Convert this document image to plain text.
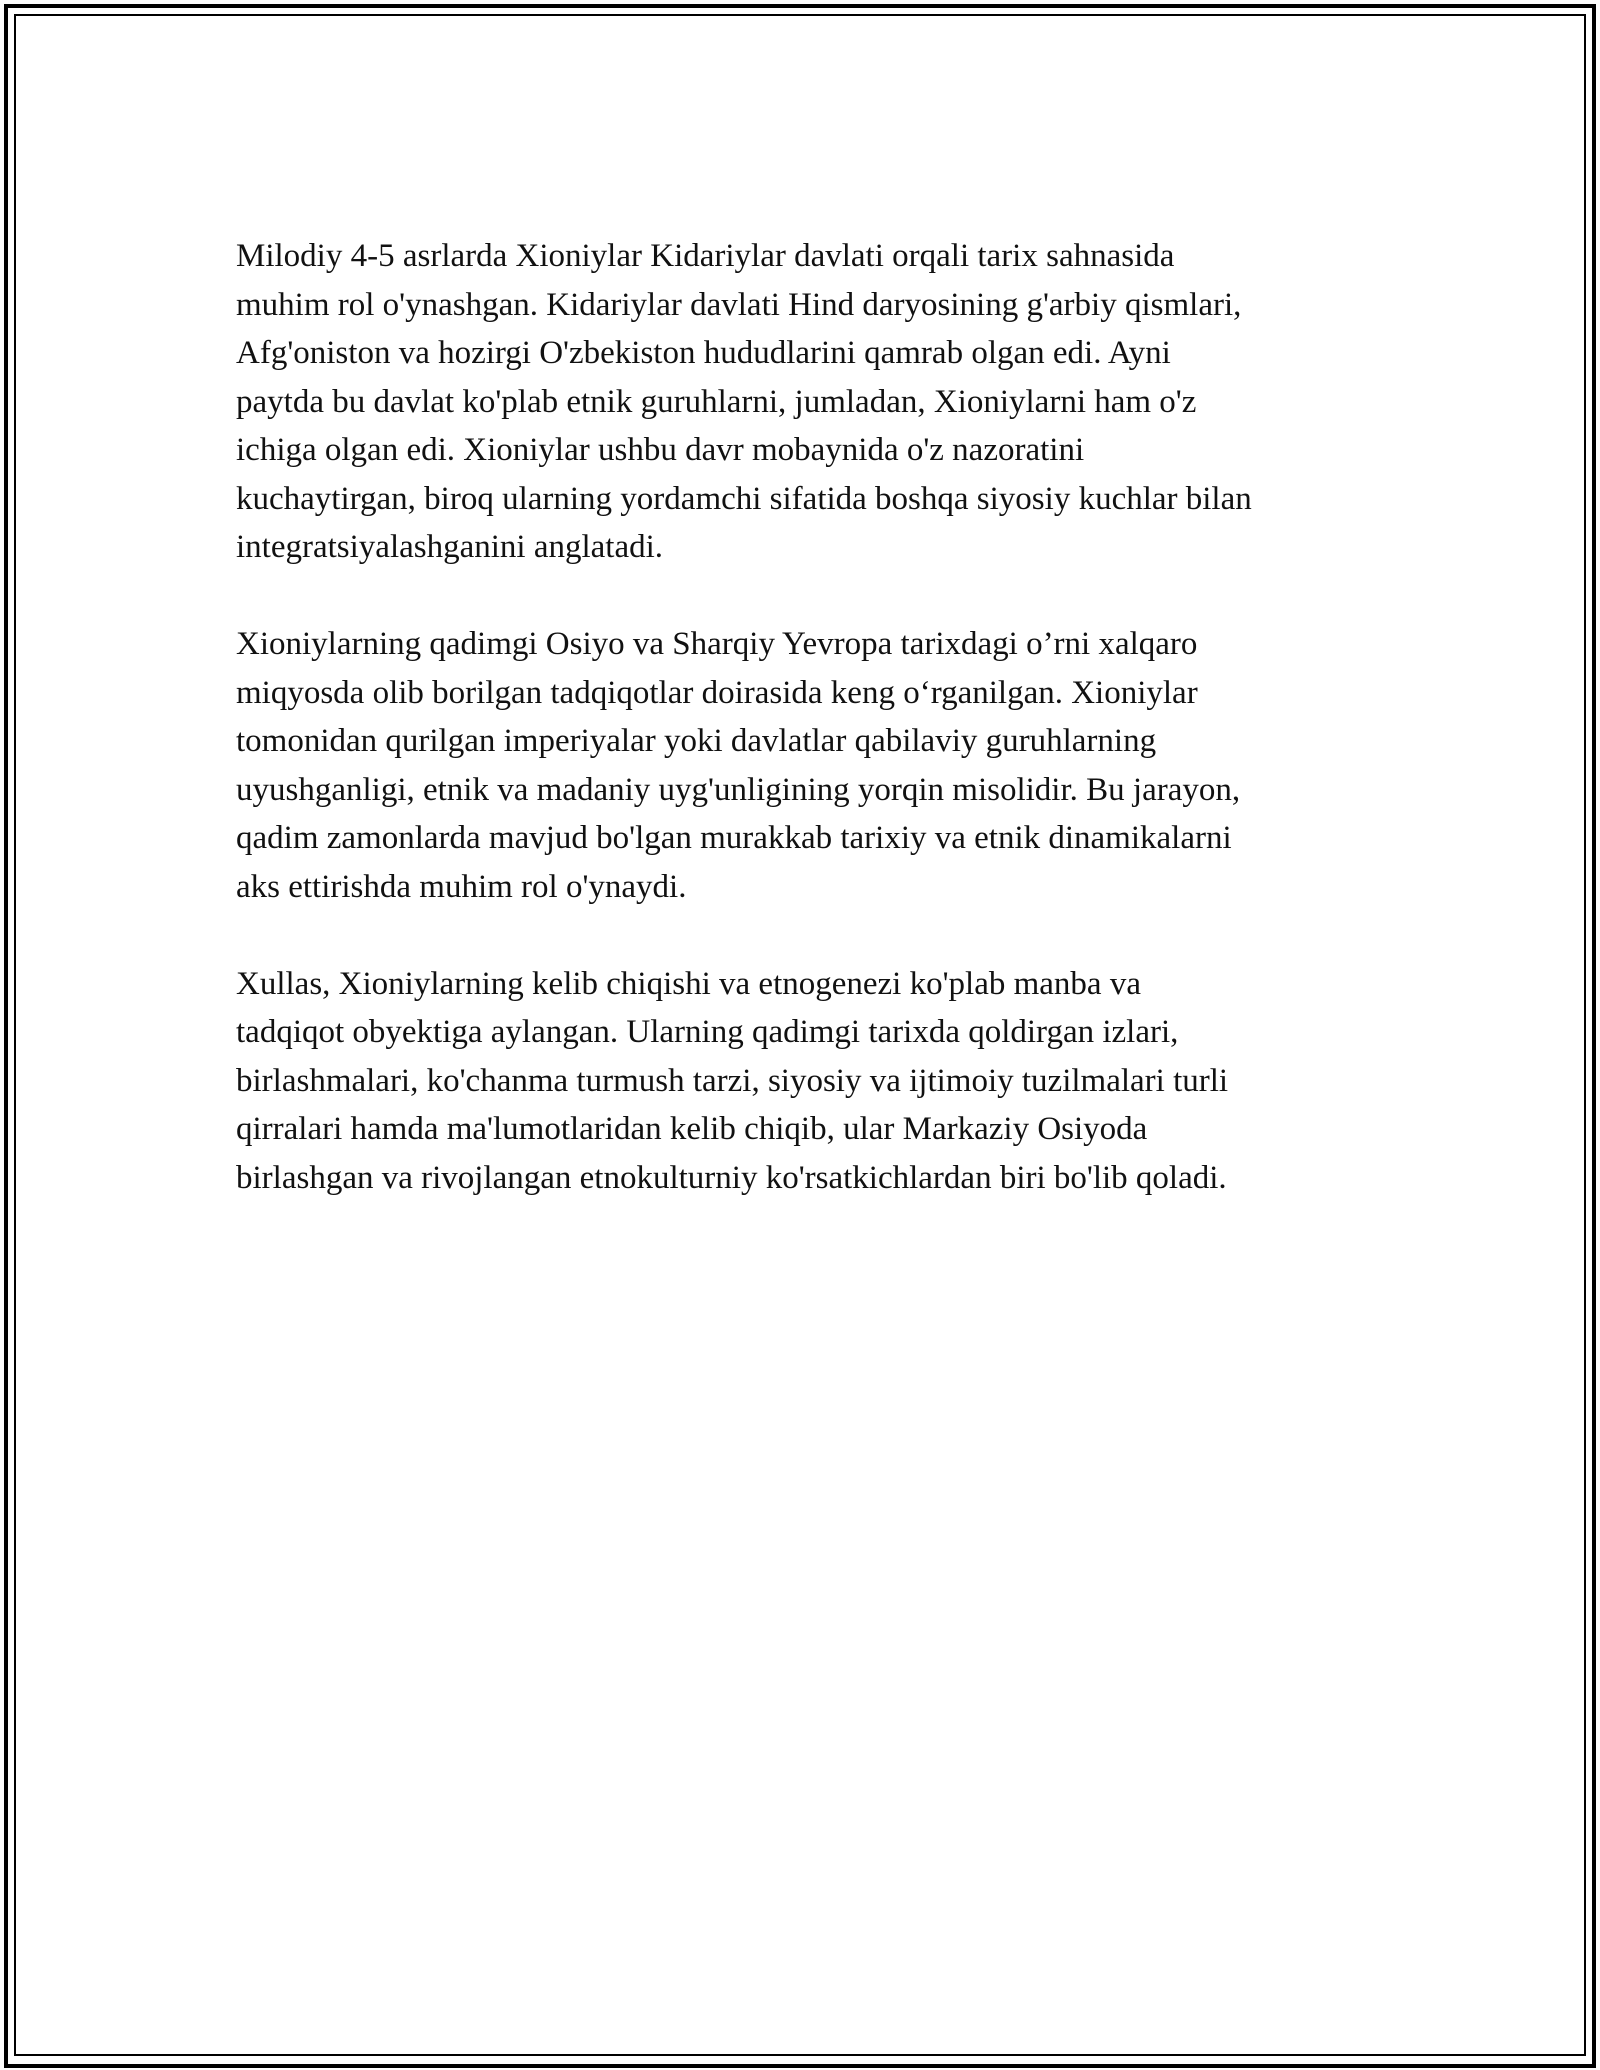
Milodiy 4-5 asrlarda Xioniylar Kidariylar davlati orqali tarix sahnasida
muhim rol o'ynashgan. Kidariylar davlati Hind daryosining g'arbiy qismlari,
Afg'oniston va hozirgi O'zbekiston hududlarini qamrab olgan edi. Ayni
paytda bu davlat ko'plab etnik guruhlarni, jumladan, Xioniylarni ham o'z
ichiga olgan edi. Xioniylar ushbu davr mobaynida o'z nazoratini
kuchaytirgan, biroq ularning yordamchi sifatida boshqa siyosiy kuchlar bilan
integratsiyalashganini anglatadi.

Xioniylarning qadimgi Osiyo va Sharqiy Yevropa tarixdagi o’rni xalqaro
miqyosda olib borilgan tadqiqotlar doirasida keng o‘rganilgan. Xioniylar
tomonidan qurilgan imperiyalar yoki davlatlar qabilaviy guruhlarning
uyushganligi, etnik va madaniy uyg'unligining yorqin misolidir. Bu jarayon,
qadim zamonlarda mavjud bo'lgan murakkab tarixiy va etnik dinamikalarni
aks ettirishda muhim rol o'ynaydi.

Xullas, Xioniylarning kelib chiqishi va etnogenezi ko'plab manba va
tadqiqot obyektiga aylangan. Ularning qadimgi tarixda qoldirgan izlari,
birlashmalari, ko'chanma turmush tarzi, siyosiy va ijtimoiy tuzilmalari turli
qirralari hamda ma'lumotlaridan kelib chiqib, ular Markaziy Osiyoda
birlashgan va rivojlangan etnokulturniy ko'rsatkichlardan biri bo'lib qoladi.
